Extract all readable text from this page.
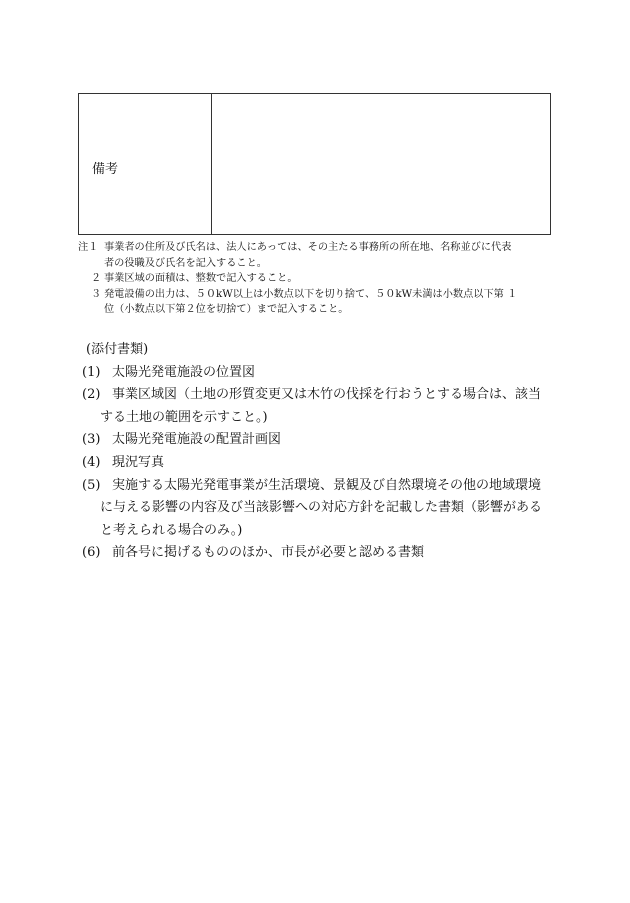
備考
注１ 事業者の住所及び氏名は、法人にあっては、その主たる事務所の所在地、名称並びに代表
者の役職及び氏名を記入すること。
２ 事業区域の面積は、整数で記入すること。
３ 発電設備の出力は、５０kW以上は小数点以下を切り捨て、５０kW未満は小数点以下第 １
位（小数点以下第２位を切捨て）まで記入すること。
(添付書類)
(1) 太陽光発電施設の位置図
(2) 事業区域図（土地の形質変更又は木竹の伐採を行おうとする場合は、該当
する土地の範囲を示すこと。)
(3) 太陽光発電施設の配置計画図
(4) 現況写真
(5) 実施する太陽光発電事業が生活環境、景観及び自然環境その他の地域環境
に与える影響の内容及び当該影響への対応方針を記載した書類（影響がある
と考えられる場合のみ。)
(6) 前各号に掲げるもののほか、市長が必要と認める書類
